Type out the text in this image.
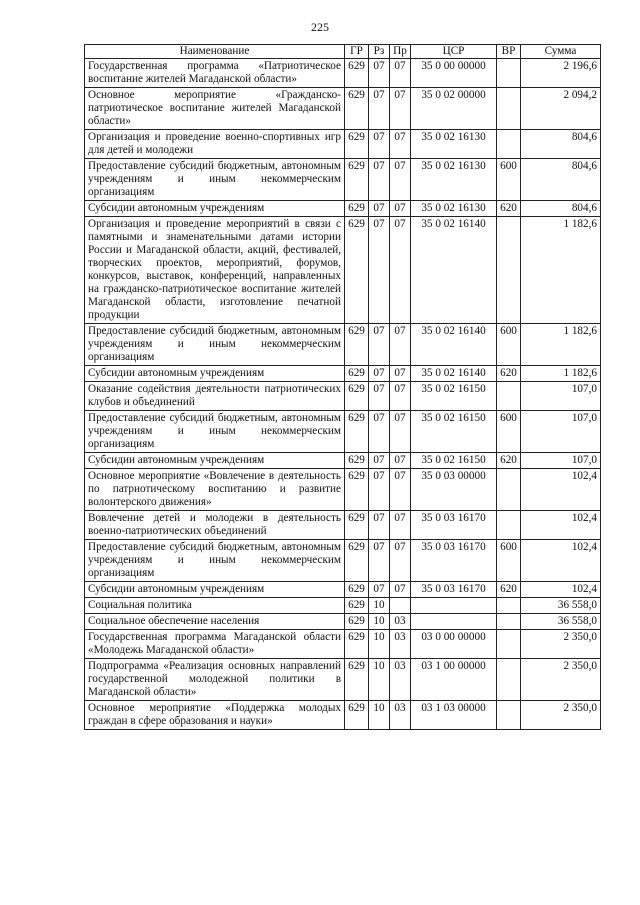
225
Наименование	ГР	Рз	Пр	ЦСР	ВР	Сумма
Государственная программа «Патриотическое воспитание жителей Магаданской области»	629	07	07	35 0 00 00000		2 196,6
Основное мероприятие «Гражданско-патриотическое воспитание жителей Магаданской области»	629	07	07	35 0 02 00000		2 094,2
Организация и проведение военно-спортивных игр для детей и молодежи	629	07	07	35 0 02 16130		804,6
Предоставление субсидий бюджетным, автономным учреждениям и иным некоммерческим организациям	629	07	07	35 0 02 16130	600	804,6
Субсидии автономным учреждениям	629	07	07	35 0 02 16130	620	804,6
Организация и проведение мероприятий в связи с памятными и знаменательными датами истории России и Магаданской области, акций, фестивалей, творческих проектов, мероприятий, форумов, конкурсов, выставок, конференций, направленных на гражданско-патриотическое воспитание жителей Магаданской области, изготовление печатной продукции	629	07	07	35 0 02 16140		1 182,6
Предоставление субсидий бюджетным, автономным учреждениям и иным некоммерческим организациям	629	07	07	35 0 02 16140	600	1 182,6
Субсидии автономным учреждениям	629	07	07	35 0 02 16140	620	1 182,6
Оказание содействия деятельности патриотических клубов и объединений	629	07	07	35 0 02 16150		107,0
Предоставление субсидий бюджетным, автономным учреждениям и иным некоммерческим организациям	629	07	07	35 0 02 16150	600	107,0
Субсидии автономным учреждениям	629	07	07	35 0 02 16150	620	107,0
Основное мероприятие «Вовлечение в деятельность по патриотическому воспитанию и развитие волонтерского движения»	629	07	07	35 0 03 00000		102,4
Вовлечение детей и молодежи в деятельность военно-патриотических объединений	629	07	07	35 0 03 16170		102,4
Предоставление субсидий бюджетным, автономным учреждениям и иным некоммерческим организациям	629	07	07	35 0 03 16170	600	102,4
Субсидии автономным учреждениям	629	07	07	35 0 03 16170	620	102,4
Социальная политика	629	10				36 558,0
Социальное обеспечение населения	629	10	03			36 558,0
Государственная программа Магаданской области «Молодежь Магаданской области»	629	10	03	03 0 00 00000		2 350,0
Подпрограмма «Реализация основных направлений государственной молодежной политики в Магаданской области»	629	10	03	03 1 00 00000		2 350,0
Основное мероприятие «Поддержка молодых граждан в сфере образования и науки»	629	10	03	03 1 03 00000		2 350,0
